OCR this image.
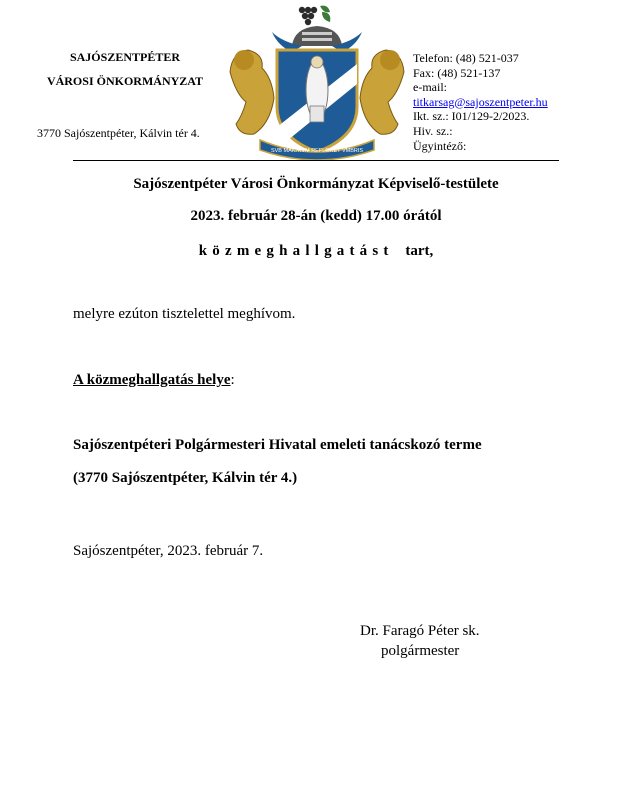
SAJÓSZENTPÉTER
VÁROSI ÖNKORMÁNYZAT
3770 Sajószentpéter, Kálvin tér 4.
SVB MAIORVM REFLORET VMBRIS
Telefon: (48) 521-037
Fax: (48) 521-137
e-mail:
titkarsag@sajoszentpeter.hu
Ikt. sz.: I01/129-2/2023.
Hiv. sz.:
Ügyintéző:
Sajószentpéter Városi Önkormányzat Képviselő-testülete
2023. február 28-án (kedd) 17.00 órától
közmeghallgatást tart,
melyre ezúton tisztelettel meghívom.
A közmeghallgatás helye:
Sajószentpéteri Polgármesteri Hivatal emeleti tanácskozó terme
(3770 Sajószentpéter, Kálvin tér 4.)
Sajószentpéter, 2023. február 7.
Dr. Faragó Péter sk.
polgármester
